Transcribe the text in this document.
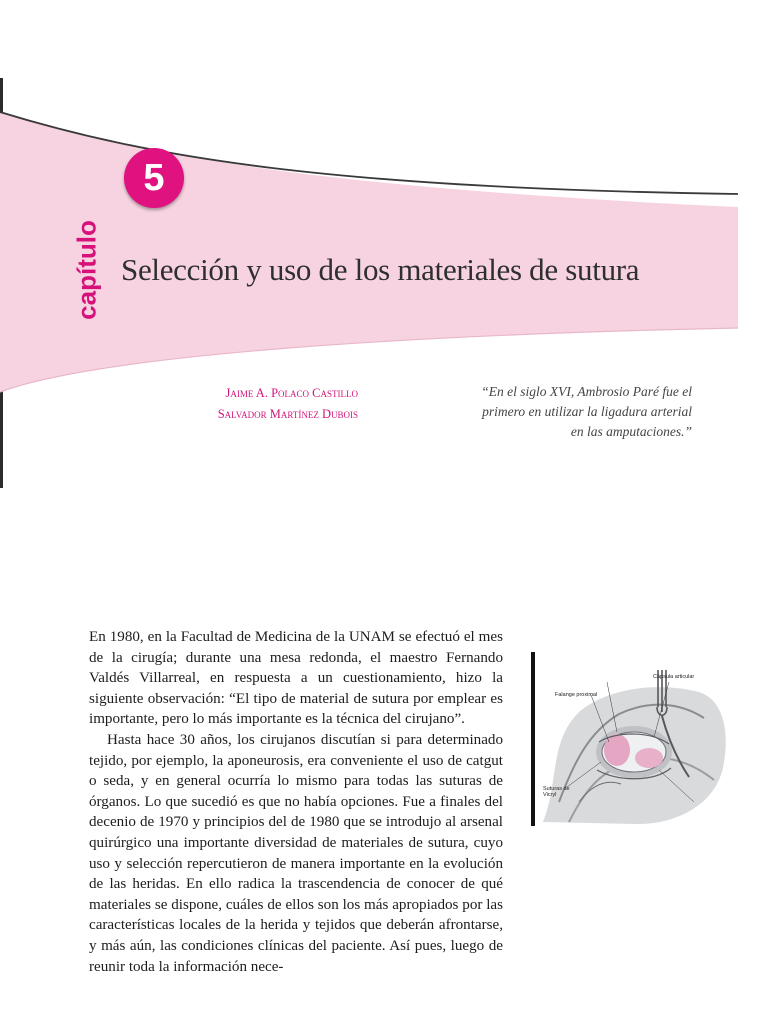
5
capítulo Selección y uso de los materiales de sutura
Jaime A. Polaco Castillo
Salvador Martínez Dubois

“En el siglo XVI, Ambrosio Paré fue el primero en utilizar la ligadura arterial en las amputaciones.”

En 1980, en la Facultad de Medicina de la UNAM se efectuó el mes de la cirugía; durante una mesa redonda, el maestro Fernando Valdés Villarreal, en respuesta a un cuestionamiento, hizo la siguiente observación: “El tipo de material de sutura por emplear es importante, pero lo más importante es la técnica del cirujano”.

Hasta hace 30 años, los cirujanos discutían si para determinado tejido, por ejemplo, la aponeurosis, era conveniente el uso de catgut o seda, y en general ocurría lo mismo para todas las suturas de órganos. Lo que sucedió es que no había opciones. Fue a finales del decenio de 1970 y principios del de 1980 que se introdujo al arsenal quirúrgico una importante diversidad de materiales de sutura, cuyo uso y selección repercutieron de manera importante en la evolución de las heridas. En ello radica la trascendencia de conocer de qué materiales se dispone, cuáles de ellos son los más apropiados por las características locales de la herida y tejidos que deberán afrontarse, y más aún, las condiciones clínicas del paciente. Así pues, luego de reunir toda la información nece-

Falange proximal
Cápsula articular
Suturas de Vicryl
